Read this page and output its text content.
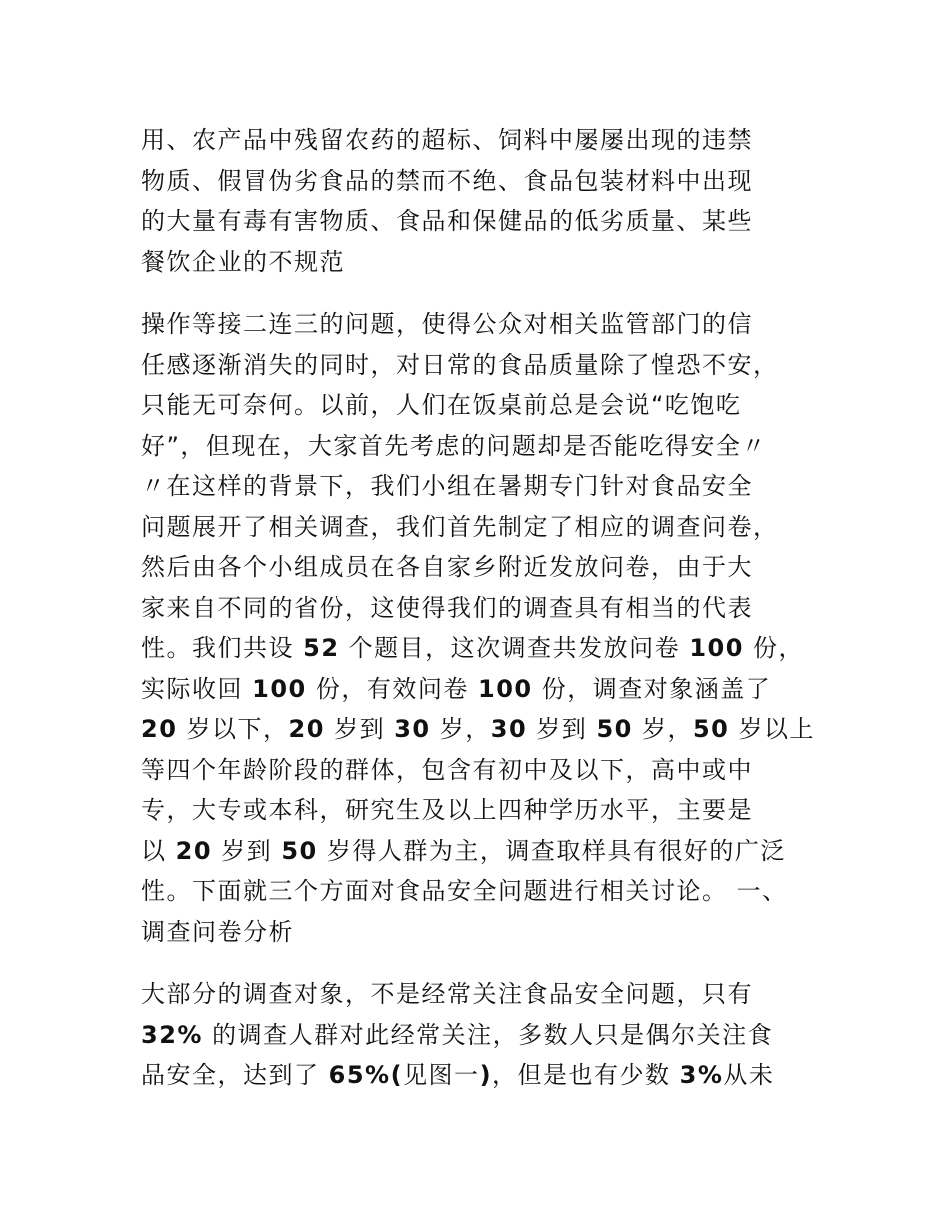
用、农产品中残留农药的超标、饲料中屡屡出现的违禁
物质、假冒伪劣食品的禁而不绝、食品包装材料中出现
的大量有毒有害物质、食品和保健品的低劣质量、某些
餐饮企业的不规范
操作等接二连三的问题，使得公众对相关监管部门的信
任感逐渐消失的同时，对日常的食品质量除了惶恐不安，
只能无可奈何。以前，人们在饭桌前总是会说“吃饱吃
好”，但现在，大家首先考虑的问题却是否能吃得安全〃
〃在这样的背景下，我们小组在暑期专门针对食品安全
问题展开了相关调查，我们首先制定了相应的调查问卷，
然后由各个小组成员在各自家乡附近发放问卷，由于大
家来自不同的省份，这使得我们的调查具有相当的代表
性。我们共设 52 个题目，这次调查共发放问卷 100 份，
实际收回 100 份，有效问卷 100 份，调查对象涵盖了
20 岁以下，20 岁到 30 岁，30 岁到 50 岁，50 岁以上
等四个年龄阶段的群体，包含有初中及以下，高中或中
专，大专或本科，研究生及以上四种学历水平，主要是
以 20 岁到 50 岁得人群为主，调查取样具有很好的广泛
性。下面就三个方面对食品安全问题进行相关讨论。 一、
调查问卷分析
大部分的调查对象，不是经常关注食品安全问题，只有
32% 的调查人群对此经常关注，多数人只是偶尔关注食
品安全，达到了 65%(见图一)，但是也有少数 3%从未
